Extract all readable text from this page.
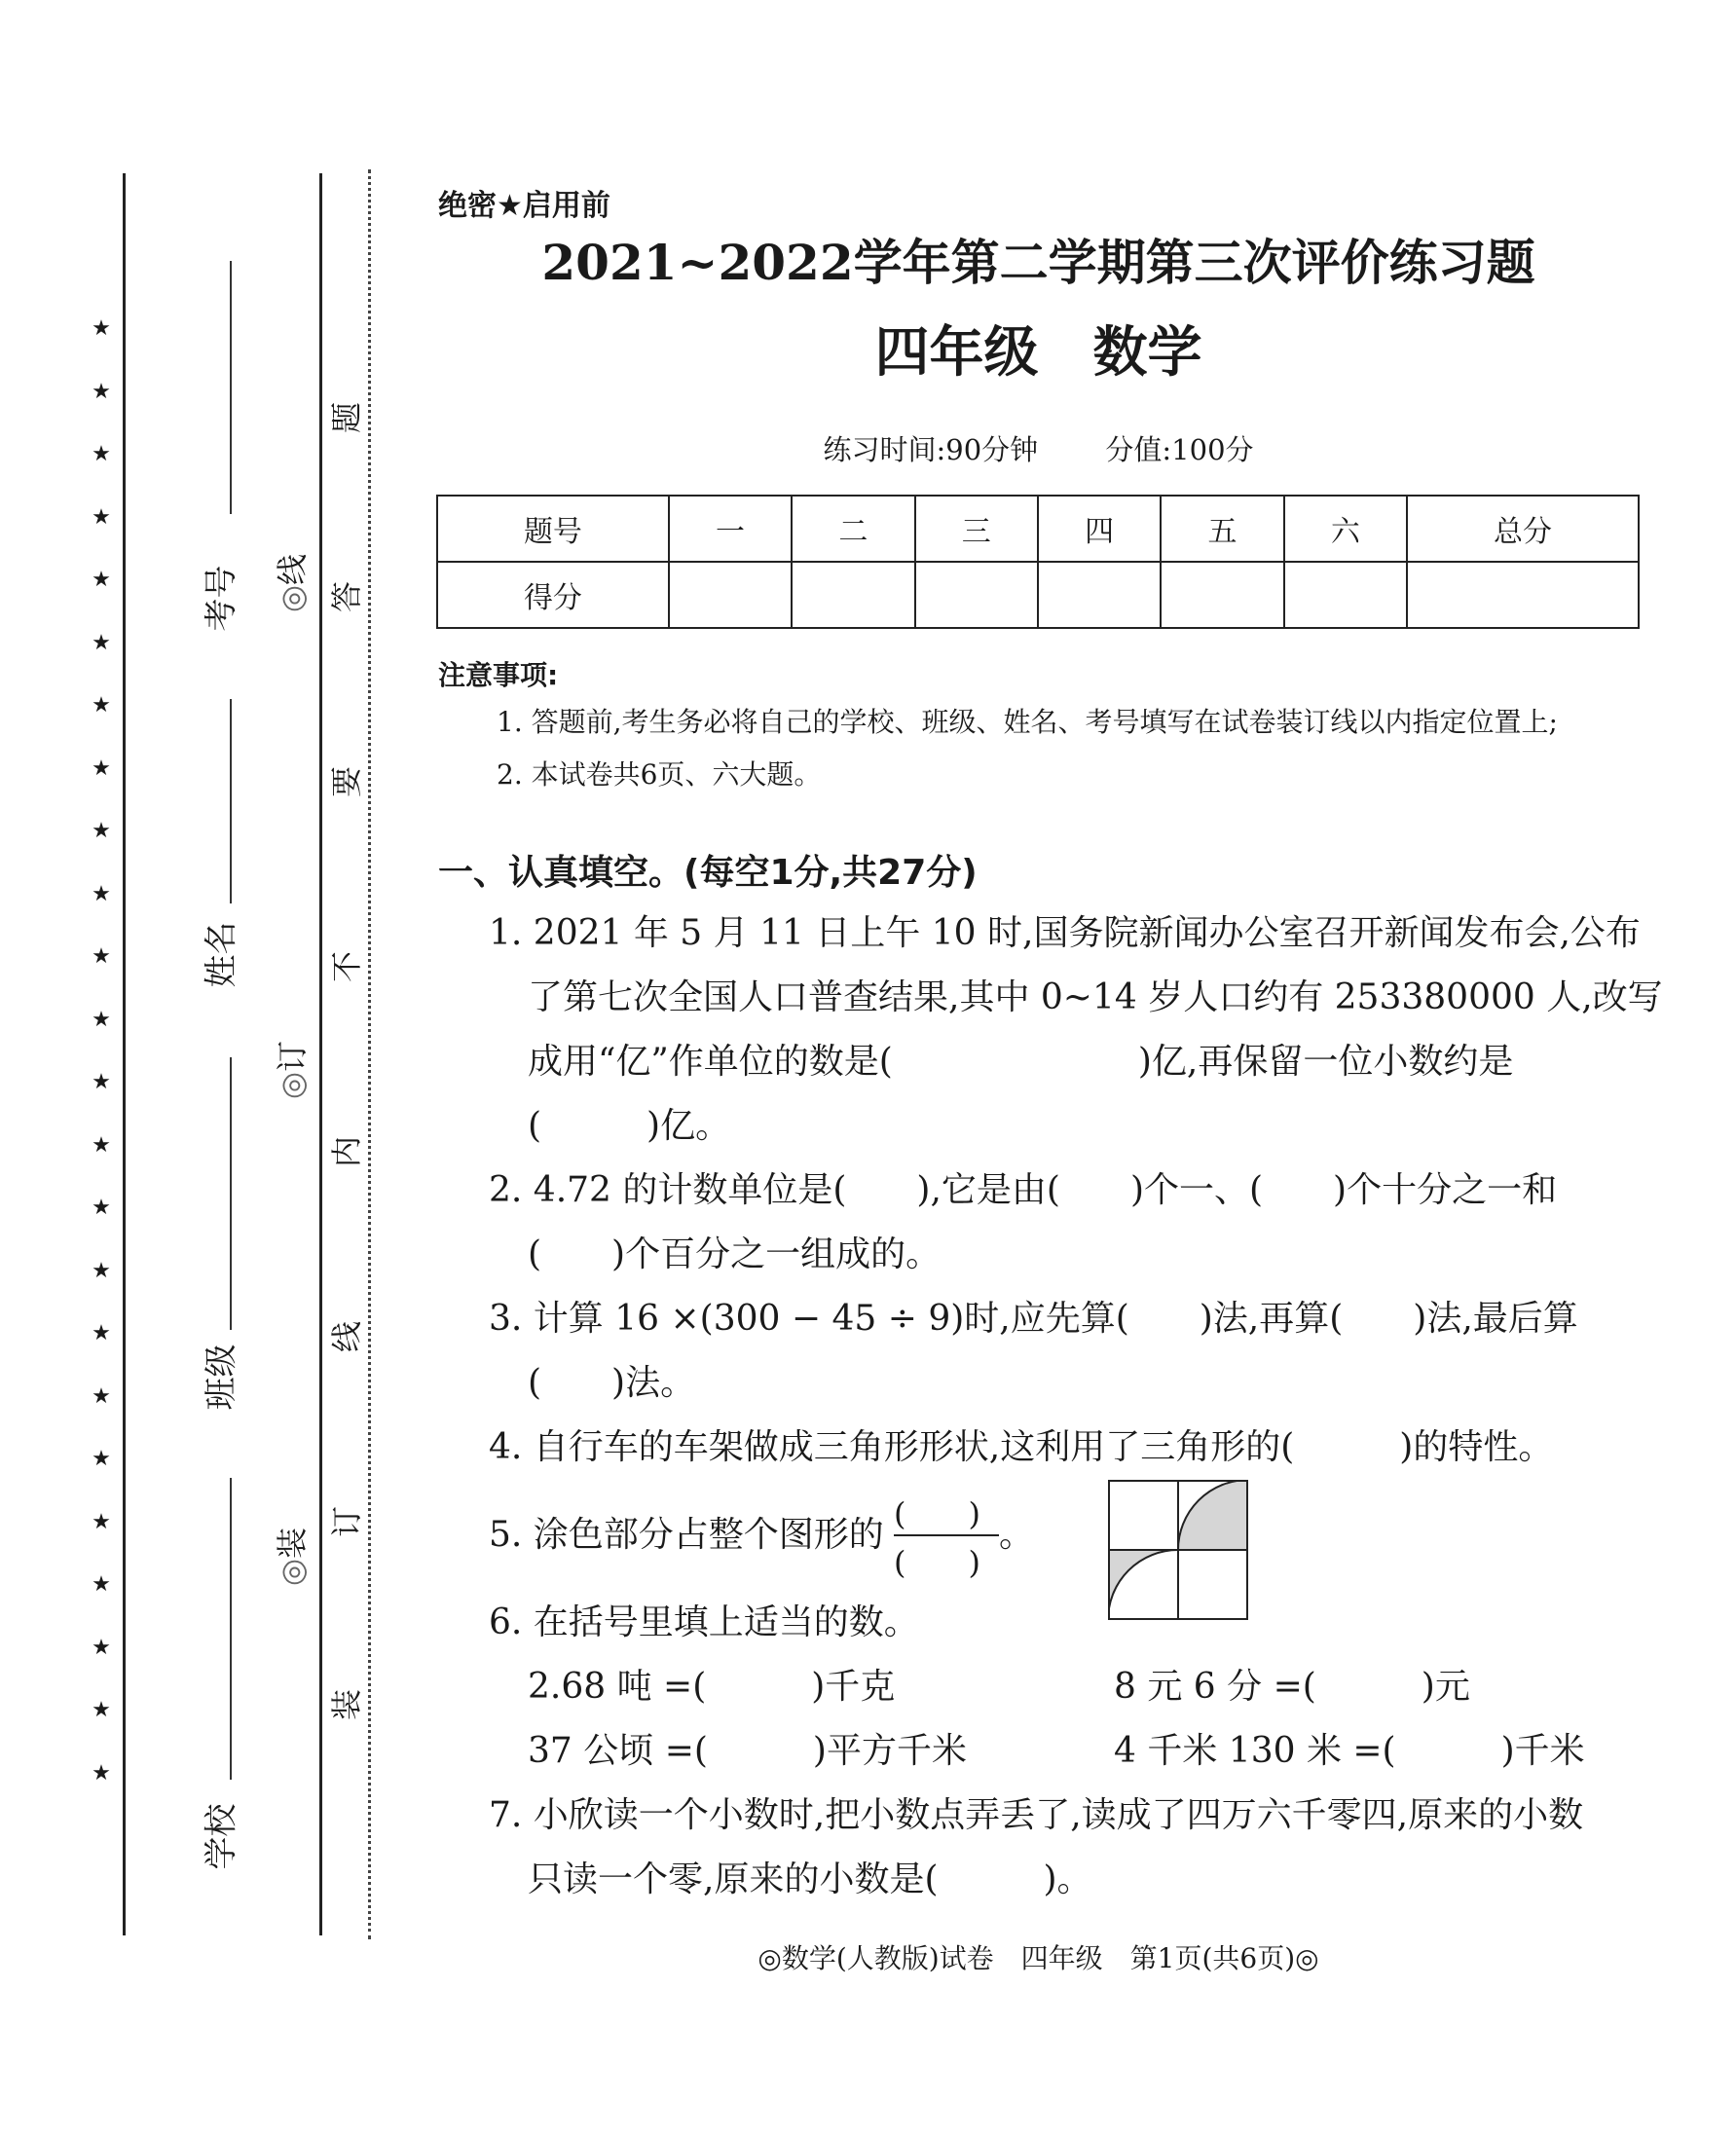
★
★
★
★
★
★
★
★
★
★
★
★
★
★
★
★
★
★
★
★
★
★
★
★
考号
姓名
班级
学校
◎线
◎订
◎装
题
答
要
不
内
线
订
装
绝密★启用前
2021~2022学年第二学期第三次评价练习题
四年级　数学
练习时间:90分钟 分值:100分
题号	一	二	三	四	五	六	总分
得分							
注意事项:
1. 答题前,考生务必将自己的学校、班级、姓名、考号填写在试卷装订线以内指定位置上;
2. 本试卷共6页、六大题。
一、认真填空。(每空1分,共27分)
1. 2021 年 5 月 11 日上午 10 时,国务院新闻办公室召开新闻发布会,公布
了第七次全国人口普查结果,其中 0~14 岁人口约有 253380000 人,改写
成用“亿”作单位的数是(　　　　　　　)亿,再保留一位小数约是
(　　　)亿。
2. 4.72 的计数单位是(　　),它是由(　　)个一、(　　)个十分之一和
(　　)个百分之一组成的。
3. 计算 16 ×(300 − 45 ÷ 9)时,应先算(　　)法,再算(　　)法,最后算
(　　)法。
4. 自行车的车架做成三角形形状,这利用了三角形的(　　　)的特性。
5. 涂色部分占整个图形的
(　　)
(　　)
。
6. 在括号里填上适当的数。
2.68 吨 =(　　　)千克	8 元 6 分 =(　　　)元
37 公顷 =(　　　)平方千米	4 千米 130 米 =(　　　)千米
7. 小欣读一个小数时,把小数点弄丢了,读成了四万六千零四,原来的小数
只读一个零,原来的小数是(　　　)。
◎数学(人教版)试卷　四年级　第1页(共6页)◎
